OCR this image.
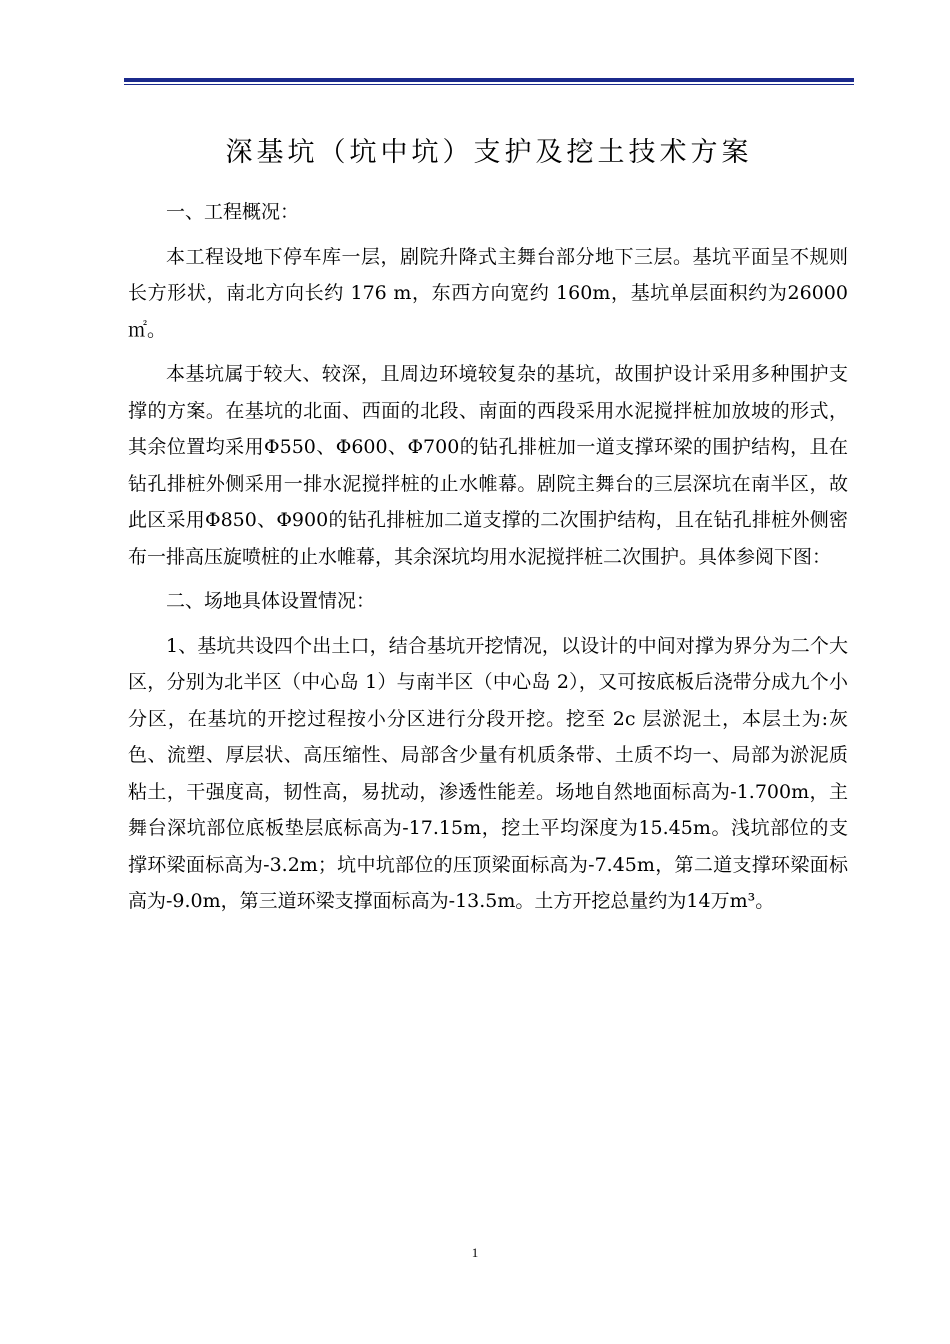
深基坑（坑中坑）支护及挖土技术方案

一、工程概况：

本工程设地下停车库一层，剧院升降式主舞台部分地下三层。基坑平面呈不规则长方形状，南北方向长约 176 m，东西方向宽约 160m，基坑单层面积约为26000 ㎡。

本基坑属于较大、较深，且周边环境较复杂的基坑，故围护设计采用多种围护支撑的方案。在基坑的北面、西面的北段、南面的西段采用水泥搅拌桩加放坡的形式，其余位置均采用Φ550、Φ600、Φ700的钻孔排桩加一道支撑环梁的围护结构，且在钻孔排桩外侧采用一排水泥搅拌桩的止水帷幕。剧院主舞台的三层深坑在南半区，故此区采用Φ850、Φ900的钻孔排桩加二道支撑的二次围护结构，且在钻孔排桩外侧密布一排高压旋喷桩的止水帷幕，其余深坑均用水泥搅拌桩二次围护。具体参阅下图：

二、场地具体设置情况：

1、基坑共设四个出土口，结合基坑开挖情况，以设计的中间对撑为界分为二个大区，分别为北半区（中心岛 1）与南半区（中心岛 2），又可按底板后浇带分成九个小分区，在基坑的开挖过程按小分区进行分段开挖。挖至 2c 层淤泥土，本层土为:灰色、流塑、厚层状、高压缩性、局部含少量有机质条带、土质不均一、局部为淤泥质粘土，干强度高，韧性高，易扰动，渗透性能差。场地自然地面标高为-1.700m，主舞台深坑部位底板垫层底标高为-17.15m，挖土平均深度为15.45m。浅坑部位的支撑环梁面标高为-3.2m；坑中坑部位的压顶梁面标高为-7.45m，第二道支撑环梁面标高为-9.0m，第三道环梁支撑面标高为-13.5m。土方开挖总量约为14万m³。

1
